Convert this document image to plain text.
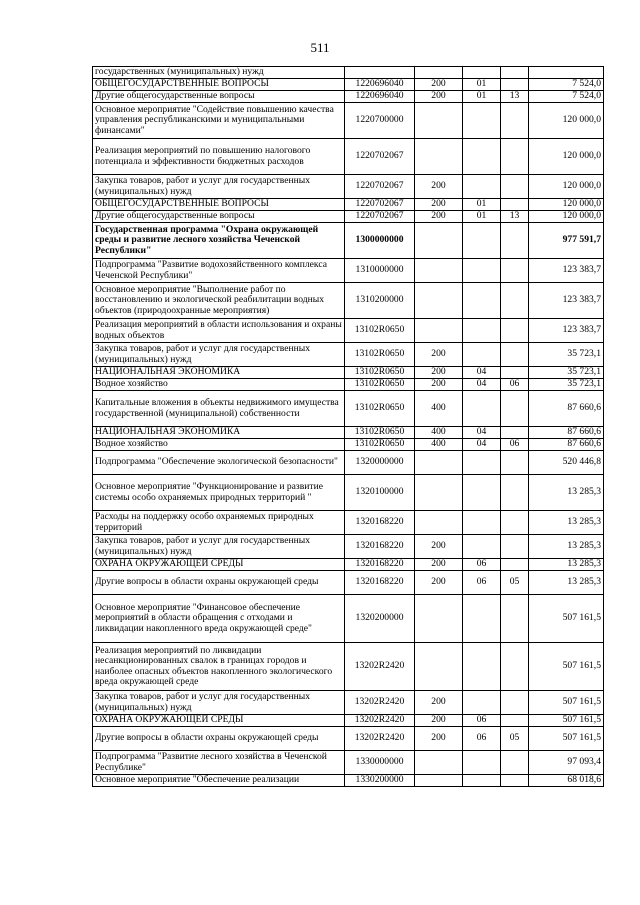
511
государственных (муниципальных) нужд					
ОБЩЕГОСУДАРСТВЕННЫЕ ВОПРОСЫ	1220696040	200	01		7 524,0
Другие общегосударственные вопросы	1220696040	200	01	13	7 524,0
Основное мероприятие "Содействие повышению качества управления республиканскими и муниципальными финансами"	1220700000				120 000,0
Реализация мероприятий по повышению налогового потенциала и эффективности бюджетных расходов	1220702067				120 000,0
Закупка товаров, работ и услуг для государственных (муниципальных) нужд	1220702067	200			120 000,0
ОБЩЕГОСУДАРСТВЕННЫЕ ВОПРОСЫ	1220702067	200	01		120 000,0
Другие общегосударственные вопросы	1220702067	200	01	13	120 000,0
Государственная программа "Охрана окружающей среды и развитие лесного хозяйства Чеченской Республики"	1300000000				977 591,7
Подпрограмма "Развитие водохозяйственного комплекса Чеченской Республики"	1310000000				123 383,7
Основное мероприятие "Выполнение работ по восстановлению и экологической реабилитации водных объектов (природоохранные мероприятия)	1310200000				123 383,7
Реализация мероприятий в области использования и охраны водных объектов	13102R0650				123 383,7
Закупка товаров, работ и услуг для государственных (муниципальных) нужд	13102R0650	200			35 723,1
НАЦИОНАЛЬНАЯ ЭКОНОМИКА	13102R0650	200	04		35 723,1
Водное хозяйство	13102R0650	200	04	06	35 723,1
Капитальные вложения в объекты недвижимого имущества государственной (муниципальной) собственности	13102R0650	400			87 660,6
НАЦИОНАЛЬНАЯ ЭКОНОМИКА	13102R0650	400	04		87 660,6
Водное хозяйство	13102R0650	400	04	06	87 660,6
Подпрограмма "Обеспечение экологической безопасности"	1320000000				520 446,8
Основное мероприятие "Функционирование и развитие системы особо охраняемых природных территорий "	1320100000				13 285,3
Расходы на поддержку особо охраняемых природных территорий	1320168220				13 285,3
Закупка товаров, работ и услуг для государственных (муниципальных) нужд	1320168220	200			13 285,3
ОХРАНА ОКРУЖАЮЩЕЙ СРЕДЫ	1320168220	200	06		13 285,3
Другие вопросы в области охраны окружающей среды	1320168220	200	06	05	13 285,3
Основное мероприятие "Финансовое обеспечение мероприятий в области обращения с отходами и ликвидации накопленного вреда окружающей среде"	1320200000				507 161,5
Реализация мероприятий по ликвидации несанкционированных свалок в границах городов и наиболее опасных объектов накопленного экологического вреда окружающей среде	13202R2420				507 161,5
Закупка товаров, работ и услуг для государственных (муниципальных) нужд	13202R2420	200			507 161,5
ОХРАНА ОКРУЖАЮЩЕЙ СРЕДЫ	13202R2420	200	06		507 161,5
Другие вопросы в области охраны окружающей среды	13202R2420	200	06	05	507 161,5
Подпрограмма "Развитие лесного хозяйства в Чеченской Республике"	1330000000				97 093,4
Основное мероприятие "Обеспечение реализации	1330200000				68 018,6
